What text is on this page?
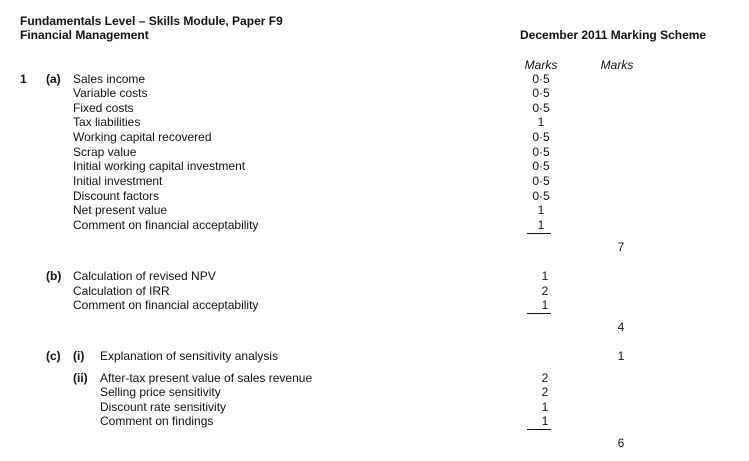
Fundamentals Level – Skills Module, Paper F9
Financial Management	December 2011 Marking Scheme
Marks	Marks
1 (a) Sales income	0·5
Variable costs	0·5
Fixed costs	0·5
Tax liabilities	1
Working capital recovered	0·5
Scrap value	0·5
Initial working capital investment	0·5
Initial investment	0·5
Discount factors	0·5
Net present value	1
Comment on financial acceptability	1
7
(b) Calculation of revised NPV	1
Calculation of IRR	2
Comment on financial acceptability	1
4
(c) (i) Explanation of sensitivity analysis	1
(ii) After-tax present value of sales revenue	2
Selling price sensitivity	2
Discount rate sensitivity	1
Comment on findings	1
6
